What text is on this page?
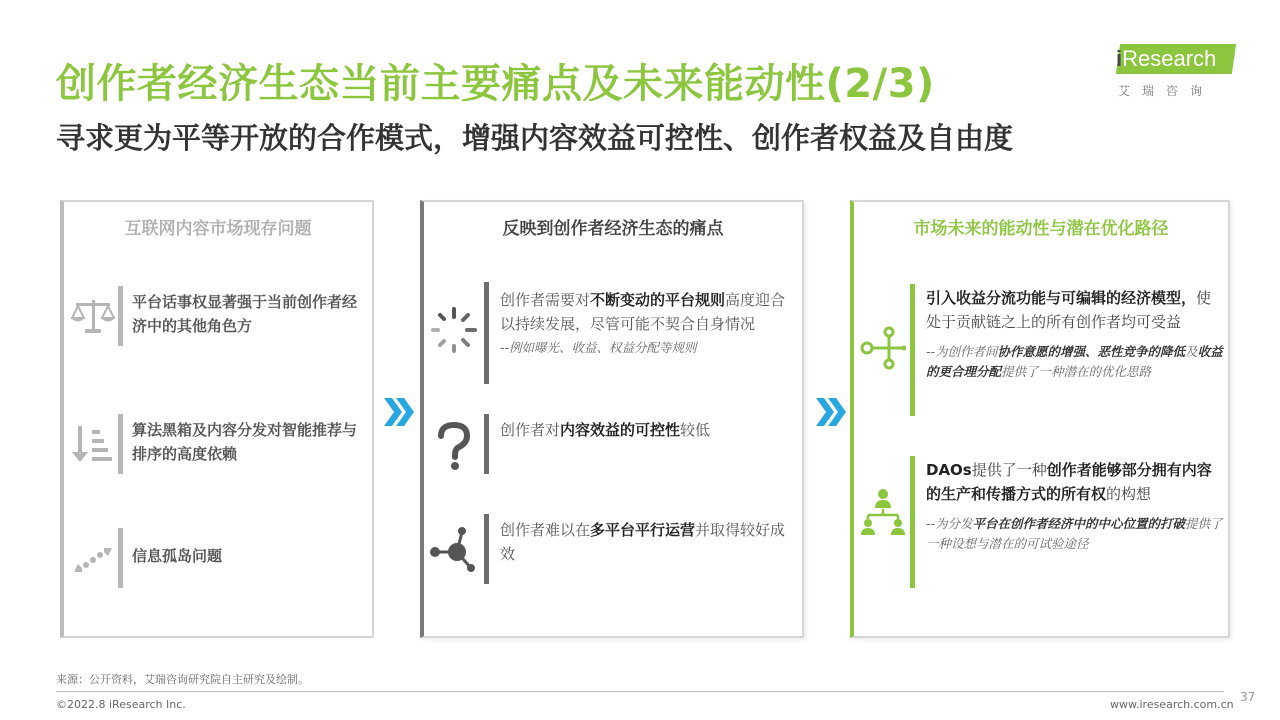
创作者经济生态当前主要痛点及未来能动性(2/3)
寻求更为平等开放的合作模式，增强内容效益可控性、创作者权益及自由度
iResearch
艾瑞咨询
互联网内容市场现存问题
平台话事权显著强于当前创作者经济中的其他角色方
算法黑箱及内容分发对智能推荐与排序的高度依赖
信息孤岛问题
反映到创作者经济生态的痛点
创作者需要对不断变动的平台规则高度迎合以持续发展，尽管可能不契合自身情况
--例如曝光、收益、权益分配等规则
创作者对内容效益的可控性较低
创作者难以在多平台平行运营并取得较好成效
市场未来的能动性与潜在优化路径
引入收益分流功能与可编辑的经济模型，使处于贡献链之上的所有创作者均可受益
--为创作者间协作意愿的增强、恶性竞争的降低及收益的更合理分配提供了一种潜在的优化思路
DAOs提供了一种创作者能够部分拥有内容的生产和传播方式的所有权的构想
--为分发平台在创作者经济中的中心位置的打破提供了一种设想与潜在的可试验途径
来源：公开资料，艾瑞咨询研究院自主研究及绘制。
©2022.8 iResearch Inc.	www.iresearch.com.cn
37
